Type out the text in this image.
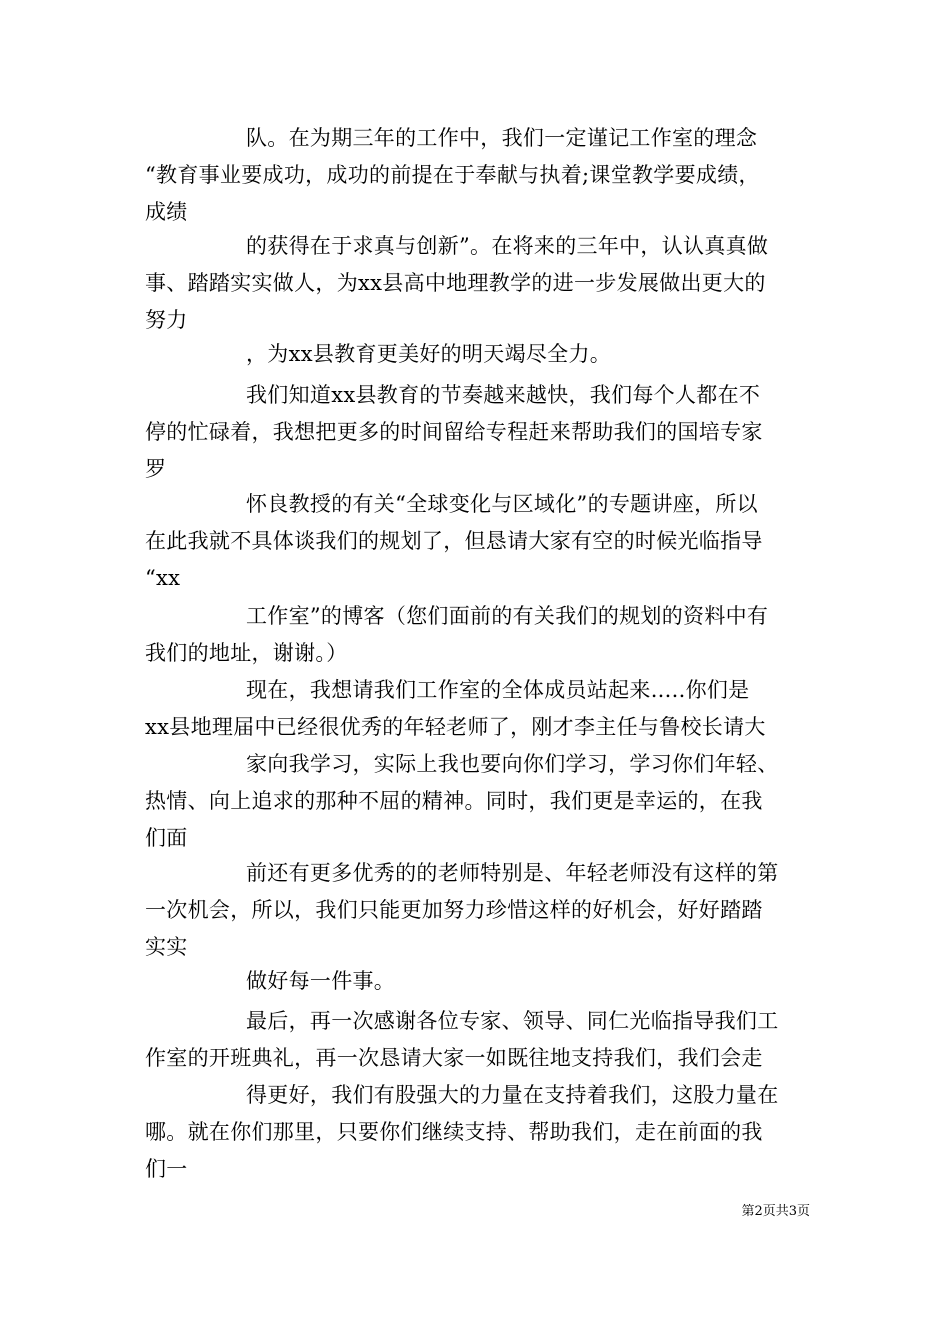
队。在为期三年的工作中，我们一定谨记工作室的理念
“教育事业要成功，成功的前提在于奉献与执着;课堂教学要成绩，
成绩
的获得在于求真与创新”。在将来的三年中，认认真真做
事、踏踏实实做人，为xx县高中地理教学的进一步发展做出更大的
努力
，为xx县教育更美好的明天竭尽全力。
我们知道xx县教育的节奏越来越快，我们每个人都在不
停的忙碌着，我想把更多的时间留给专程赶来帮助我们的国培专家
罗
怀良教授的有关“全球变化与区域化”的专题讲座，所以
在此我就不具体谈我们的规划了，但恳请大家有空的时候光临指导
“xx
工作室”的博客（您们面前的有关我们的规划的资料中有
我们的地址，谢谢。）
现在，我想请我们工作室的全体成员站起来.....你们是
xx县地理届中已经很优秀的年轻老师了，刚才李主任与鲁校长请大
家向我学习，实际上我也要向你们学习，学习你们年轻、
热情、向上追求的那种不屈的精神。同时，我们更是幸运的，在我
们面
前还有更多优秀的的老师特别是、年轻老师没有这样的第
一次机会，所以，我们只能更加努力珍惜这样的好机会，好好踏踏
实实
做好每一件事。
最后，再一次感谢各位专家、领导、同仁光临指导我们工
作室的开班典礼，再一次恳请大家一如既往地支持我们，我们会走
得更好，我们有股强大的力量在支持着我们，这股力量在
哪。就在你们那里，只要你们继续支持、帮助我们，走在前面的我
们一
第2页共3页
